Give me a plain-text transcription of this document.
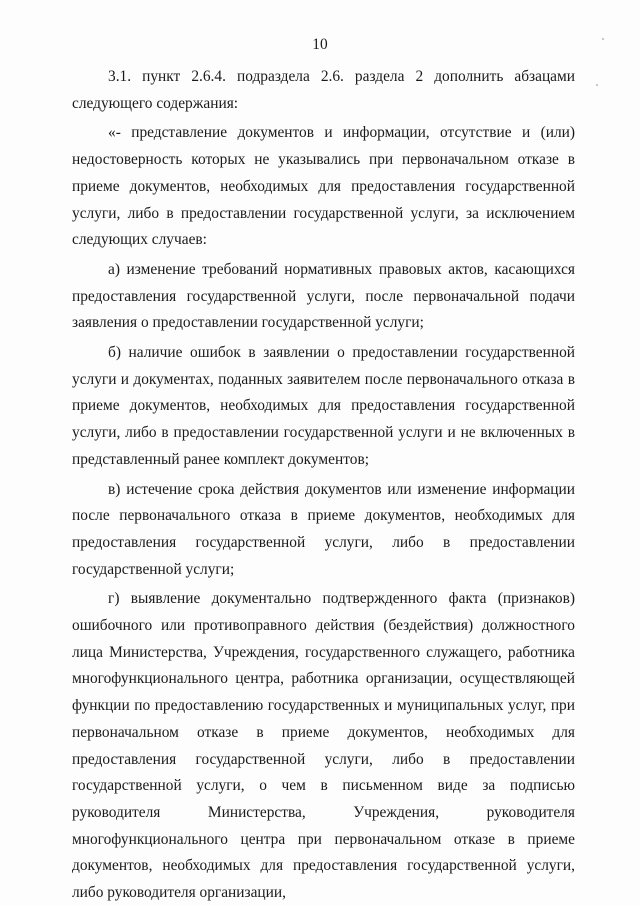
10

3.1. пункт 2.6.4. подраздела 2.6. раздела 2 дополнить абзацами следующего содержания:

«- представление документов и информации, отсутствие и (или) недостоверность которых не указывались при первоначальном отказе в приеме документов, необходимых для предоставления государственной услуги, либо в предоставлении государственной услуги, за исключением следующих случаев:

а) изменение требований нормативных правовых актов, касающихся предоставления государственной услуги, после первоначальной подачи заявления о предоставлении государственной услуги;

б) наличие ошибок в заявлении о предоставлении государственной услуги и документах, поданных заявителем после первоначального отказа в приеме документов, необходимых для предоставления государственной услуги, либо в предоставлении государственной услуги и не включенных в представленный ранее комплект документов;

в) истечение срока действия документов или изменение информации после первоначального отказа в приеме документов, необходимых для предоставления государственной услуги, либо в предоставлении государственной услуги;

г) выявление документально подтвержденного факта (признаков) ошибочного или противоправного действия (бездействия) должностного лица Министерства, Учреждения, государственного служащего, работника многофункционального центра, работника организации, осуществляющей функции по предоставлению государственных и муниципальных услуг, при первоначальном отказе в приеме документов, необходимых для предоставления государственной услуги, либо в предоставлении государственной услуги, о чем в письменном виде за подписью руководителя Министерства, Учреждения, руководителя многофункционального центра при первоначальном отказе в приеме документов, необходимых для предоставления государственной услуги, либо руководителя организации,
